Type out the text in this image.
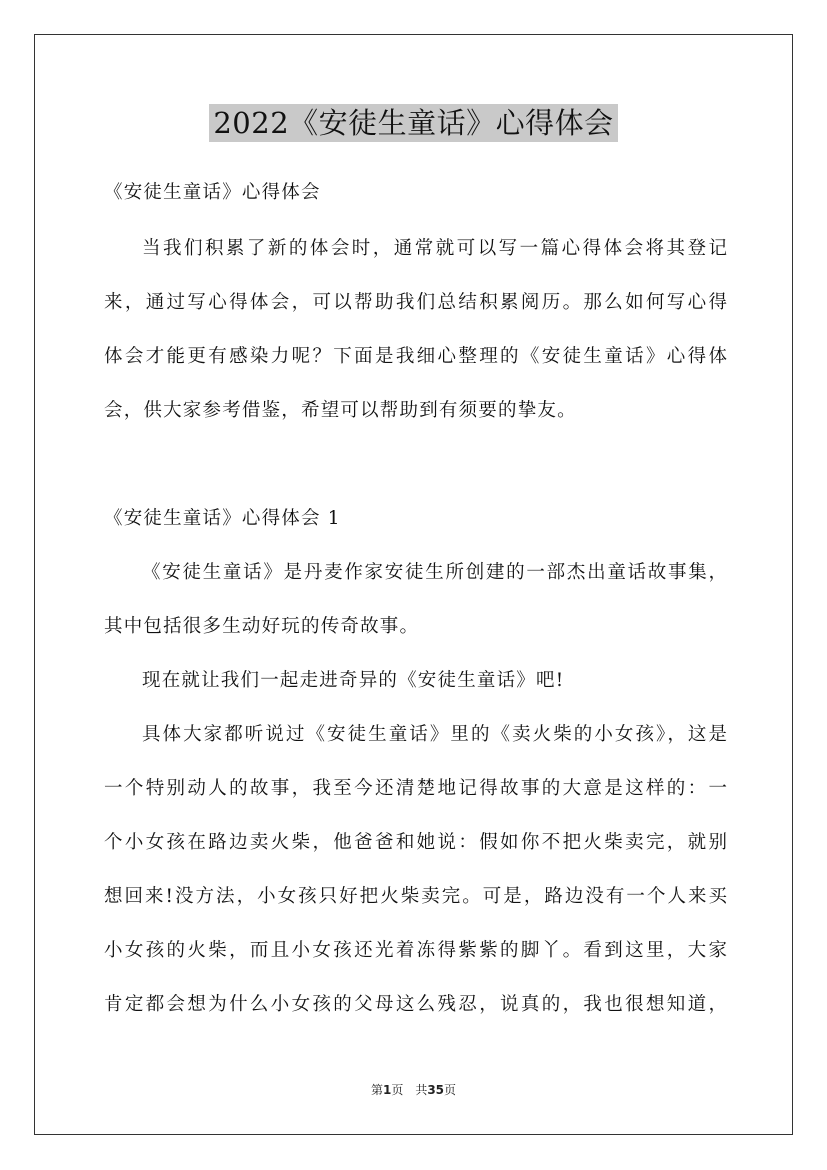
2022《安徒生童话》心得体会
《安徒生童话》心得体会
当我们积累了新的体会时，通常就可以写一篇心得体会将其登记
来，通过写心得体会，可以帮助我们总结积累阅历。那么如何写心得
体会才能更有感染力呢？下面是我细心整理的《安徒生童话》心得体
会，供大家参考借鉴，希望可以帮助到有须要的挚友。
《安徒生童话》心得体会 1
《安徒生童话》是丹麦作家安徒生所创建的一部杰出童话故事集，
其中包括很多生动好玩的传奇故事。
现在就让我们一起走进奇异的《安徒生童话》吧!
具体大家都听说过《安徒生童话》里的《卖火柴的小女孩》，这是
一个特别动人的故事，我至今还清楚地记得故事的大意是这样的：一
个小女孩在路边卖火柴，他爸爸和她说：假如你不把火柴卖完，就别
想回来!没方法，小女孩只好把火柴卖完。可是，路边没有一个人来买
小女孩的火柴，而且小女孩还光着冻得紫紫的脚丫。看到这里，大家
肯定都会想为什么小女孩的父母这么残忍，说真的，我也很想知道，
第1页　共35页
